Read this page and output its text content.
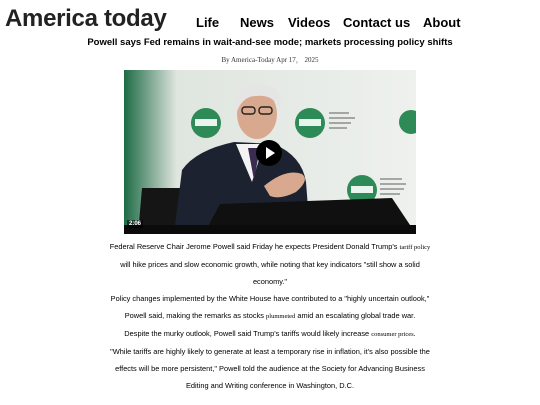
America today Life News Videos Contact us About
Powell says Fed remains in wait-and-see mode; markets processing policy shifts
By America-Today Apr 17， 2025
2:06

Federal Reserve Chair Jerome Powell said Friday he expects President Donald Trump's tariff policy will hike prices and slow economic growth, while noting that key indicators "still show a solid economy."

Policy changes implemented by the White House have contributed to a "highly uncertain outlook," Powell said, making the remarks as stocks plummeted amid an escalating global trade war.

Despite the murky outlook, Powell said Trump's tariffs would likely increase consumer prices.

"While tariffs are highly likely to generate at least a temporary rise in inflation, it's also possible the effects will be more persistent," Powell told the audience at the Society for Advancing Business Editing and Writing conference in Washington, D.C.
